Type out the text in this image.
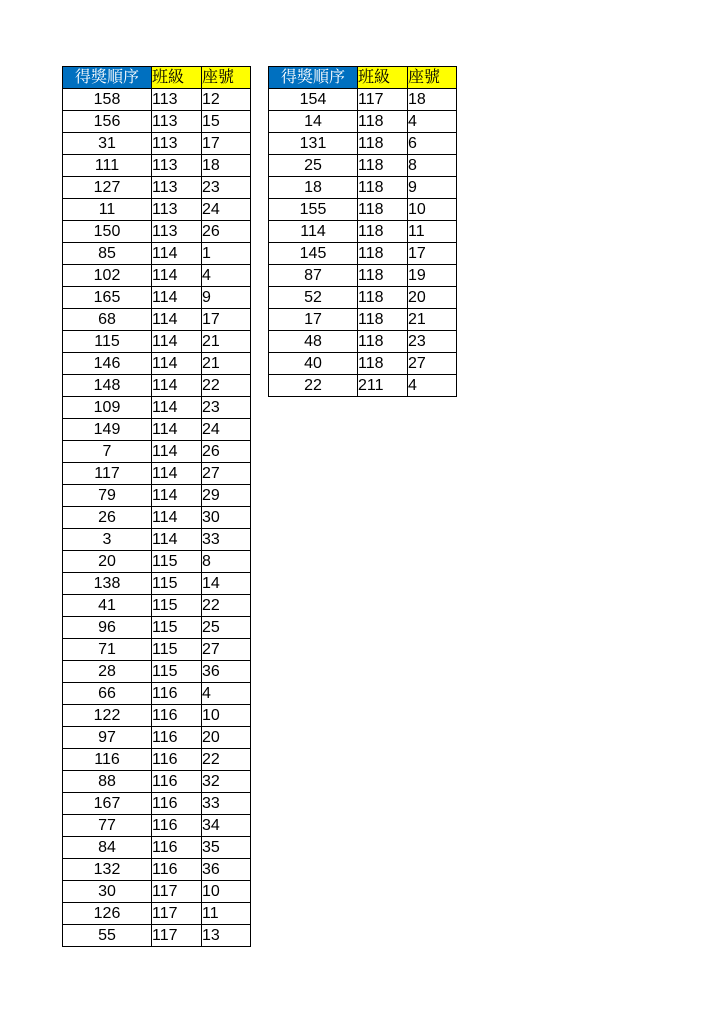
得獎順序	班級	座號
158	113	12
156	113	15
31	113	17
111	113	18
127	113	23
11	113	24
150	113	26
85	114	1
102	114	4
165	114	9
68	114	17
115	114	21
146	114	21
148	114	22
109	114	23
149	114	24
7	114	26
117	114	27
79	114	29
26	114	30
3	114	33
20	115	8
138	115	14
41	115	22
96	115	25
71	115	27
28	115	36
66	116	4
122	116	10
97	116	20
116	116	22
88	116	32
167	116	33
77	116	34
84	116	35
132	116	36
30	117	10
126	117	11
55	117	13
得獎順序	班級	座號
154	117	18
14	118	4
131	118	6
25	118	8
18	118	9
155	118	10
114	118	11
145	118	17
87	118	19
52	118	20
17	118	21
48	118	23
40	118	27
22	211	4
